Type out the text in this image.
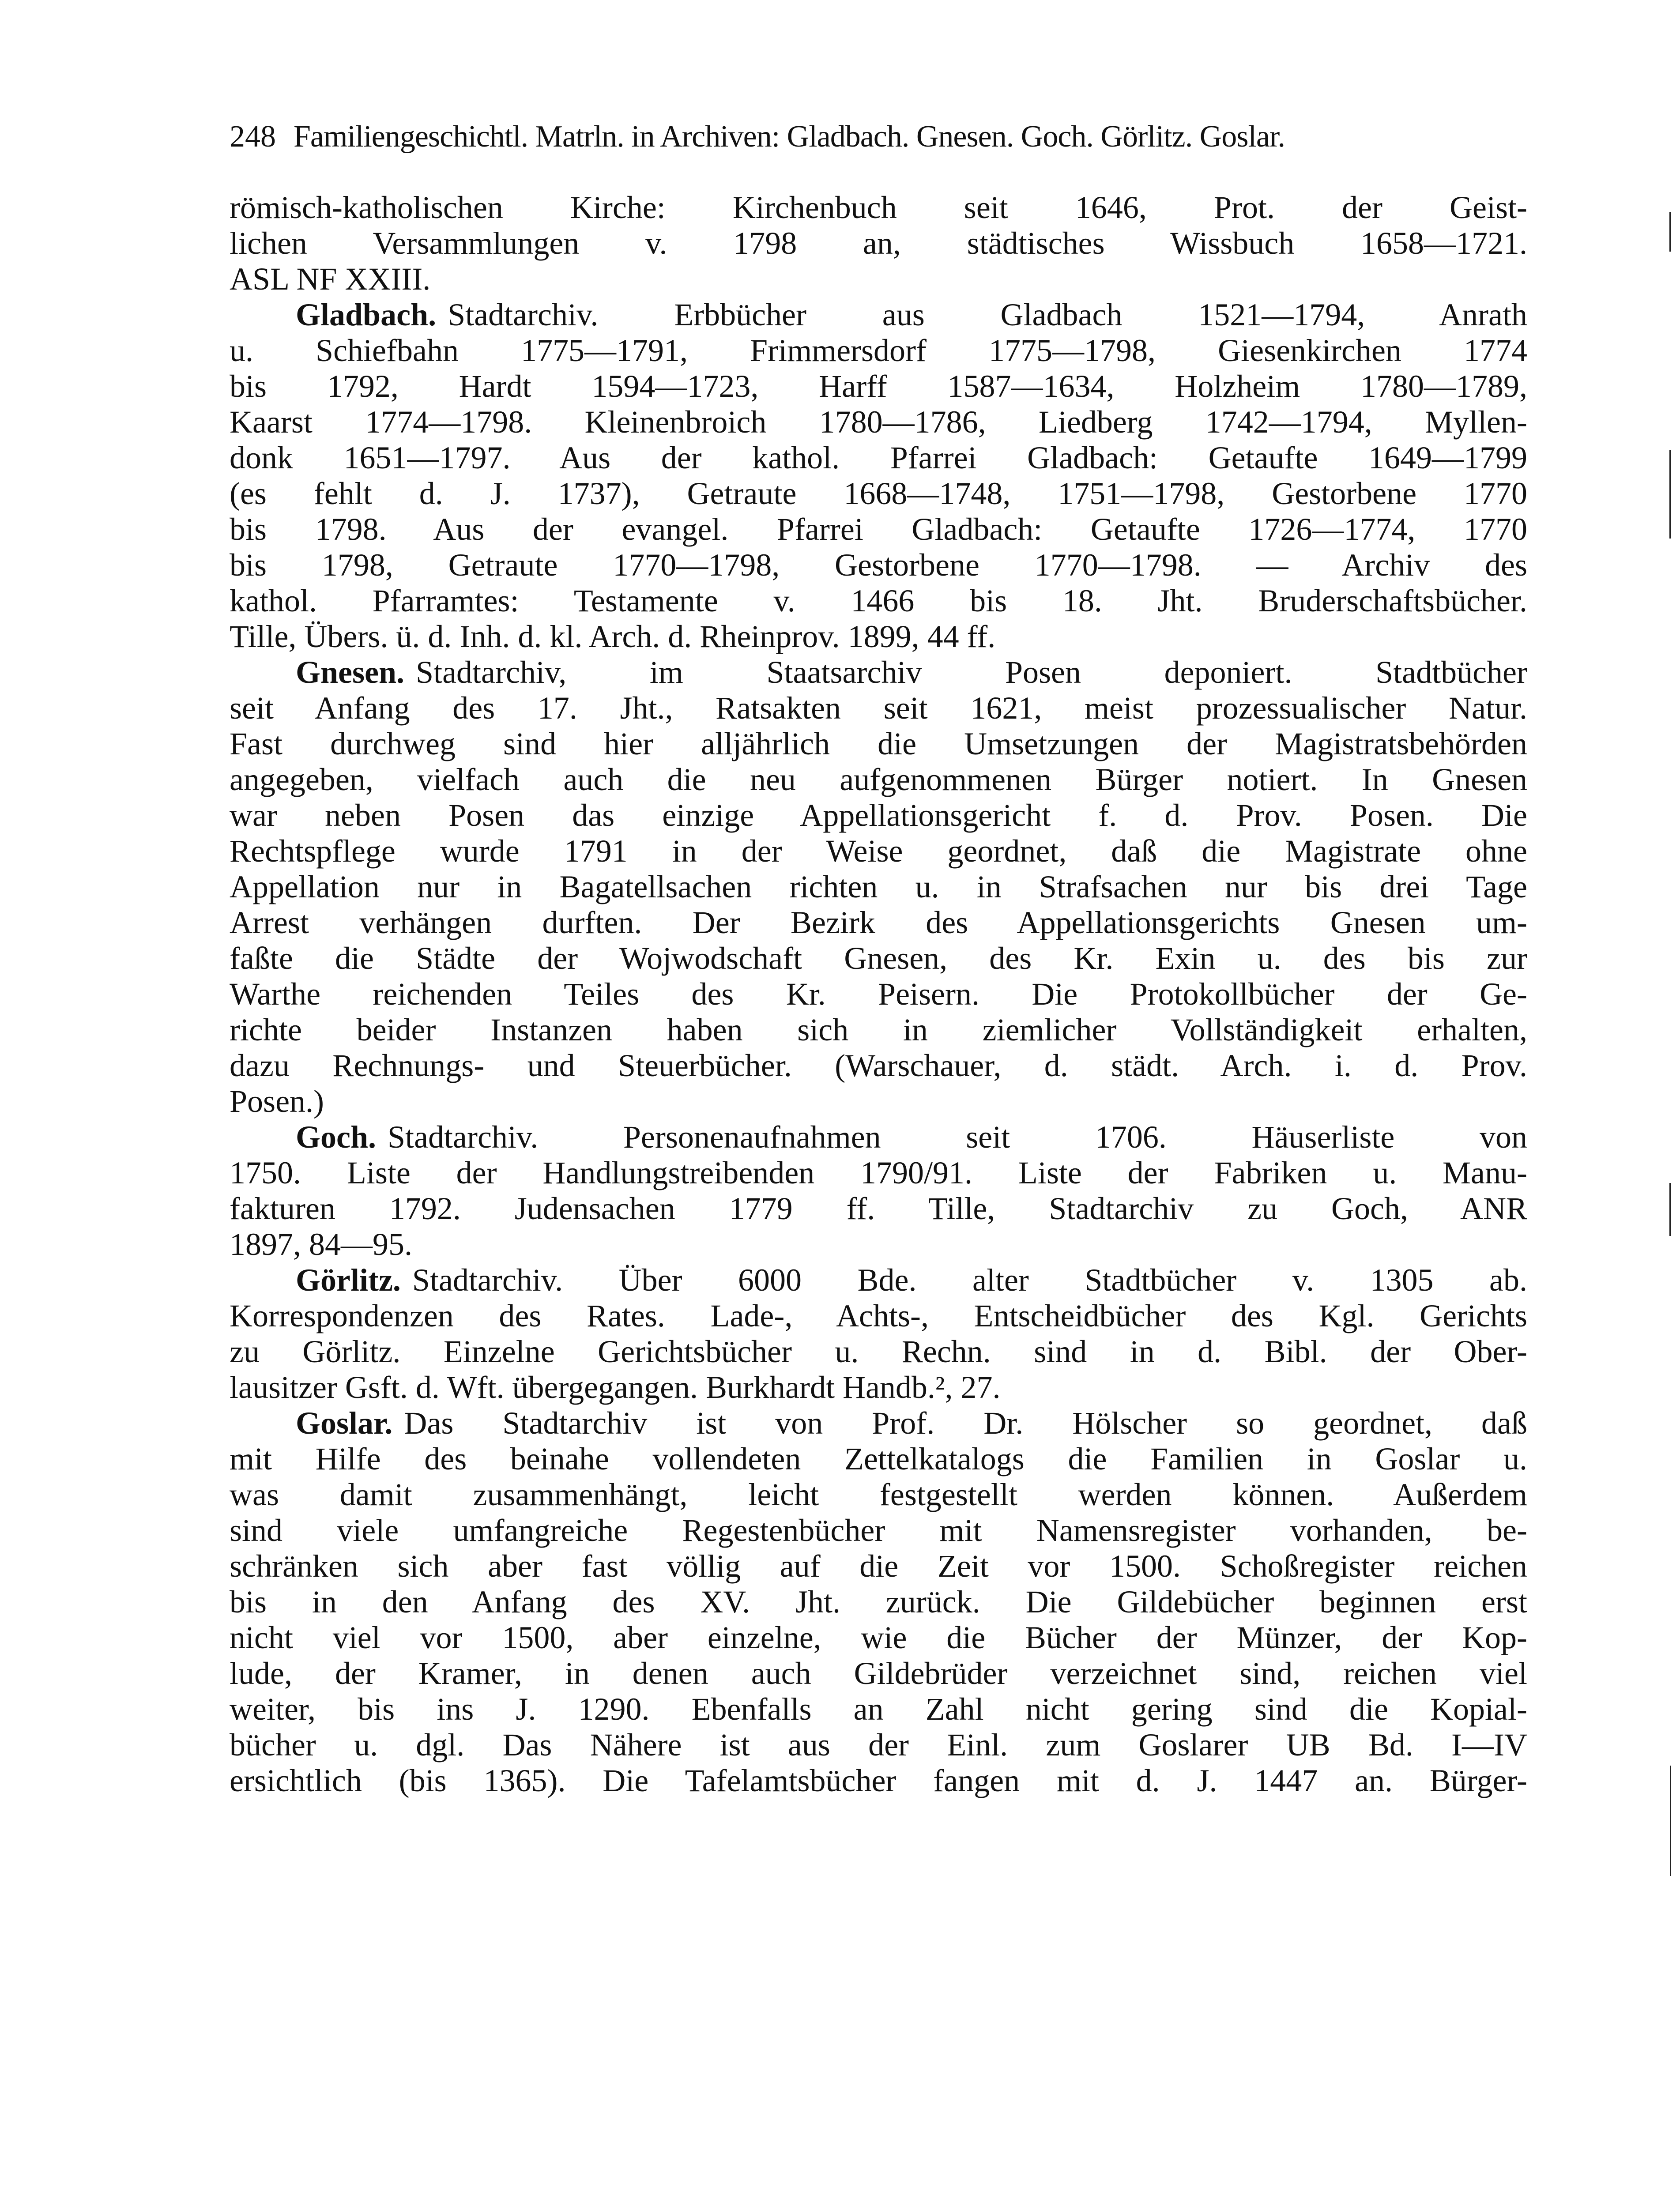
248 Familiengeschichtl. Matrln. in Archiven: Gladbach. Gnesen. Goch. Görlitz. Goslar.
römisch-katholischen Kirche: Kirchenbuch seit 1646, Prot. der Geist-
lichen Versammlungen v. 1798 an, städtisches Wissbuch 1658—1721.
ASL NF XXIII.
Gladbach. Stadtarchiv. Erbbücher aus Gladbach 1521—1794, Anrath
u. Schiefbahn 1775—1791, Frimmersdorf 1775—1798, Giesenkirchen 1774
bis 1792, Hardt 1594—1723, Harff 1587—1634, Holzheim 1780—1789,
Kaarst 1774—1798. Kleinenbroich 1780—1786, Liedberg 1742—1794, Myllen-
donk 1651—1797. Aus der kathol. Pfarrei Gladbach: Getaufte 1649—1799
(es fehlt d. J. 1737), Getraute 1668—1748, 1751—1798, Gestorbene 1770
bis 1798. Aus der evangel. Pfarrei Gladbach: Getaufte 1726—1774, 1770
bis 1798, Getraute 1770—1798, Gestorbene 1770—1798. — Archiv des
kathol. Pfarramtes: Testamente v. 1466 bis 18. Jht. Bruderschaftsbücher.
Tille, Übers. ü. d. Inh. d. kl. Arch. d. Rheinprov. 1899, 44 ff.
Gnesen. Stadtarchiv, im Staatsarchiv Posen deponiert. Stadtbücher
seit Anfang des 17. Jht., Ratsakten seit 1621, meist prozessualischer Natur.
Fast durchweg sind hier alljährlich die Umsetzungen der Magistratsbehörden
angegeben, vielfach auch die neu aufgenommenen Bürger notiert. In Gnesen
war neben Posen das einzige Appellationsgericht f. d. Prov. Posen. Die
Rechtspflege wurde 1791 in der Weise geordnet, daß die Magistrate ohne
Appellation nur in Bagatellsachen richten u. in Strafsachen nur bis drei Tage
Arrest verhängen durften. Der Bezirk des Appellationsgerichts Gnesen um-
faßte die Städte der Wojwodschaft Gnesen, des Kr. Exin u. des bis zur
Warthe reichenden Teiles des Kr. Peisern. Die Protokollbücher der Ge-
richte beider Instanzen haben sich in ziemlicher Vollständigkeit erhalten,
dazu Rechnungs- und Steuerbücher. (Warschauer, d. städt. Arch. i. d. Prov.
Posen.)
Goch. Stadtarchiv. Personenaufnahmen seit 1706. Häuserliste von
1750. Liste der Handlungstreibenden 1790/91. Liste der Fabriken u. Manu-
fakturen 1792. Judensachen 1779 ff. Tille, Stadtarchiv zu Goch, ANR
1897, 84—95.
Görlitz. Stadtarchiv. Über 6000 Bde. alter Stadtbücher v. 1305 ab.
Korrespondenzen des Rates. Lade-, Achts-, Entscheidbücher des Kgl. Gerichts
zu Görlitz. Einzelne Gerichtsbücher u. Rechn. sind in d. Bibl. der Ober-
lausitzer Gsft. d. Wft. übergegangen. Burkhardt Handb.², 27.
Goslar. Das Stadtarchiv ist von Prof. Dr. Hölscher so geordnet, daß
mit Hilfe des beinahe vollendeten Zettelkatalogs die Familien in Goslar u.
was damit zusammenhängt, leicht festgestellt werden können. Außerdem
sind viele umfangreiche Regestenbücher mit Namensregister vorhanden, be-
schränken sich aber fast völlig auf die Zeit vor 1500. Schoßregister reichen
bis in den Anfang des XV. Jht. zurück. Die Gildebücher beginnen erst
nicht viel vor 1500, aber einzelne, wie die Bücher der Münzer, der Kop-
lude, der Kramer, in denen auch Gildebrüder verzeichnet sind, reichen viel
weiter, bis ins J. 1290. Ebenfalls an Zahl nicht gering sind die Kopial-
bücher u. dgl. Das Nähere ist aus der Einl. zum Goslarer UB Bd. I—IV
ersichtlich (bis 1365). Die Tafelamtsbücher fangen mit d. J. 1447 an. Bürger-
